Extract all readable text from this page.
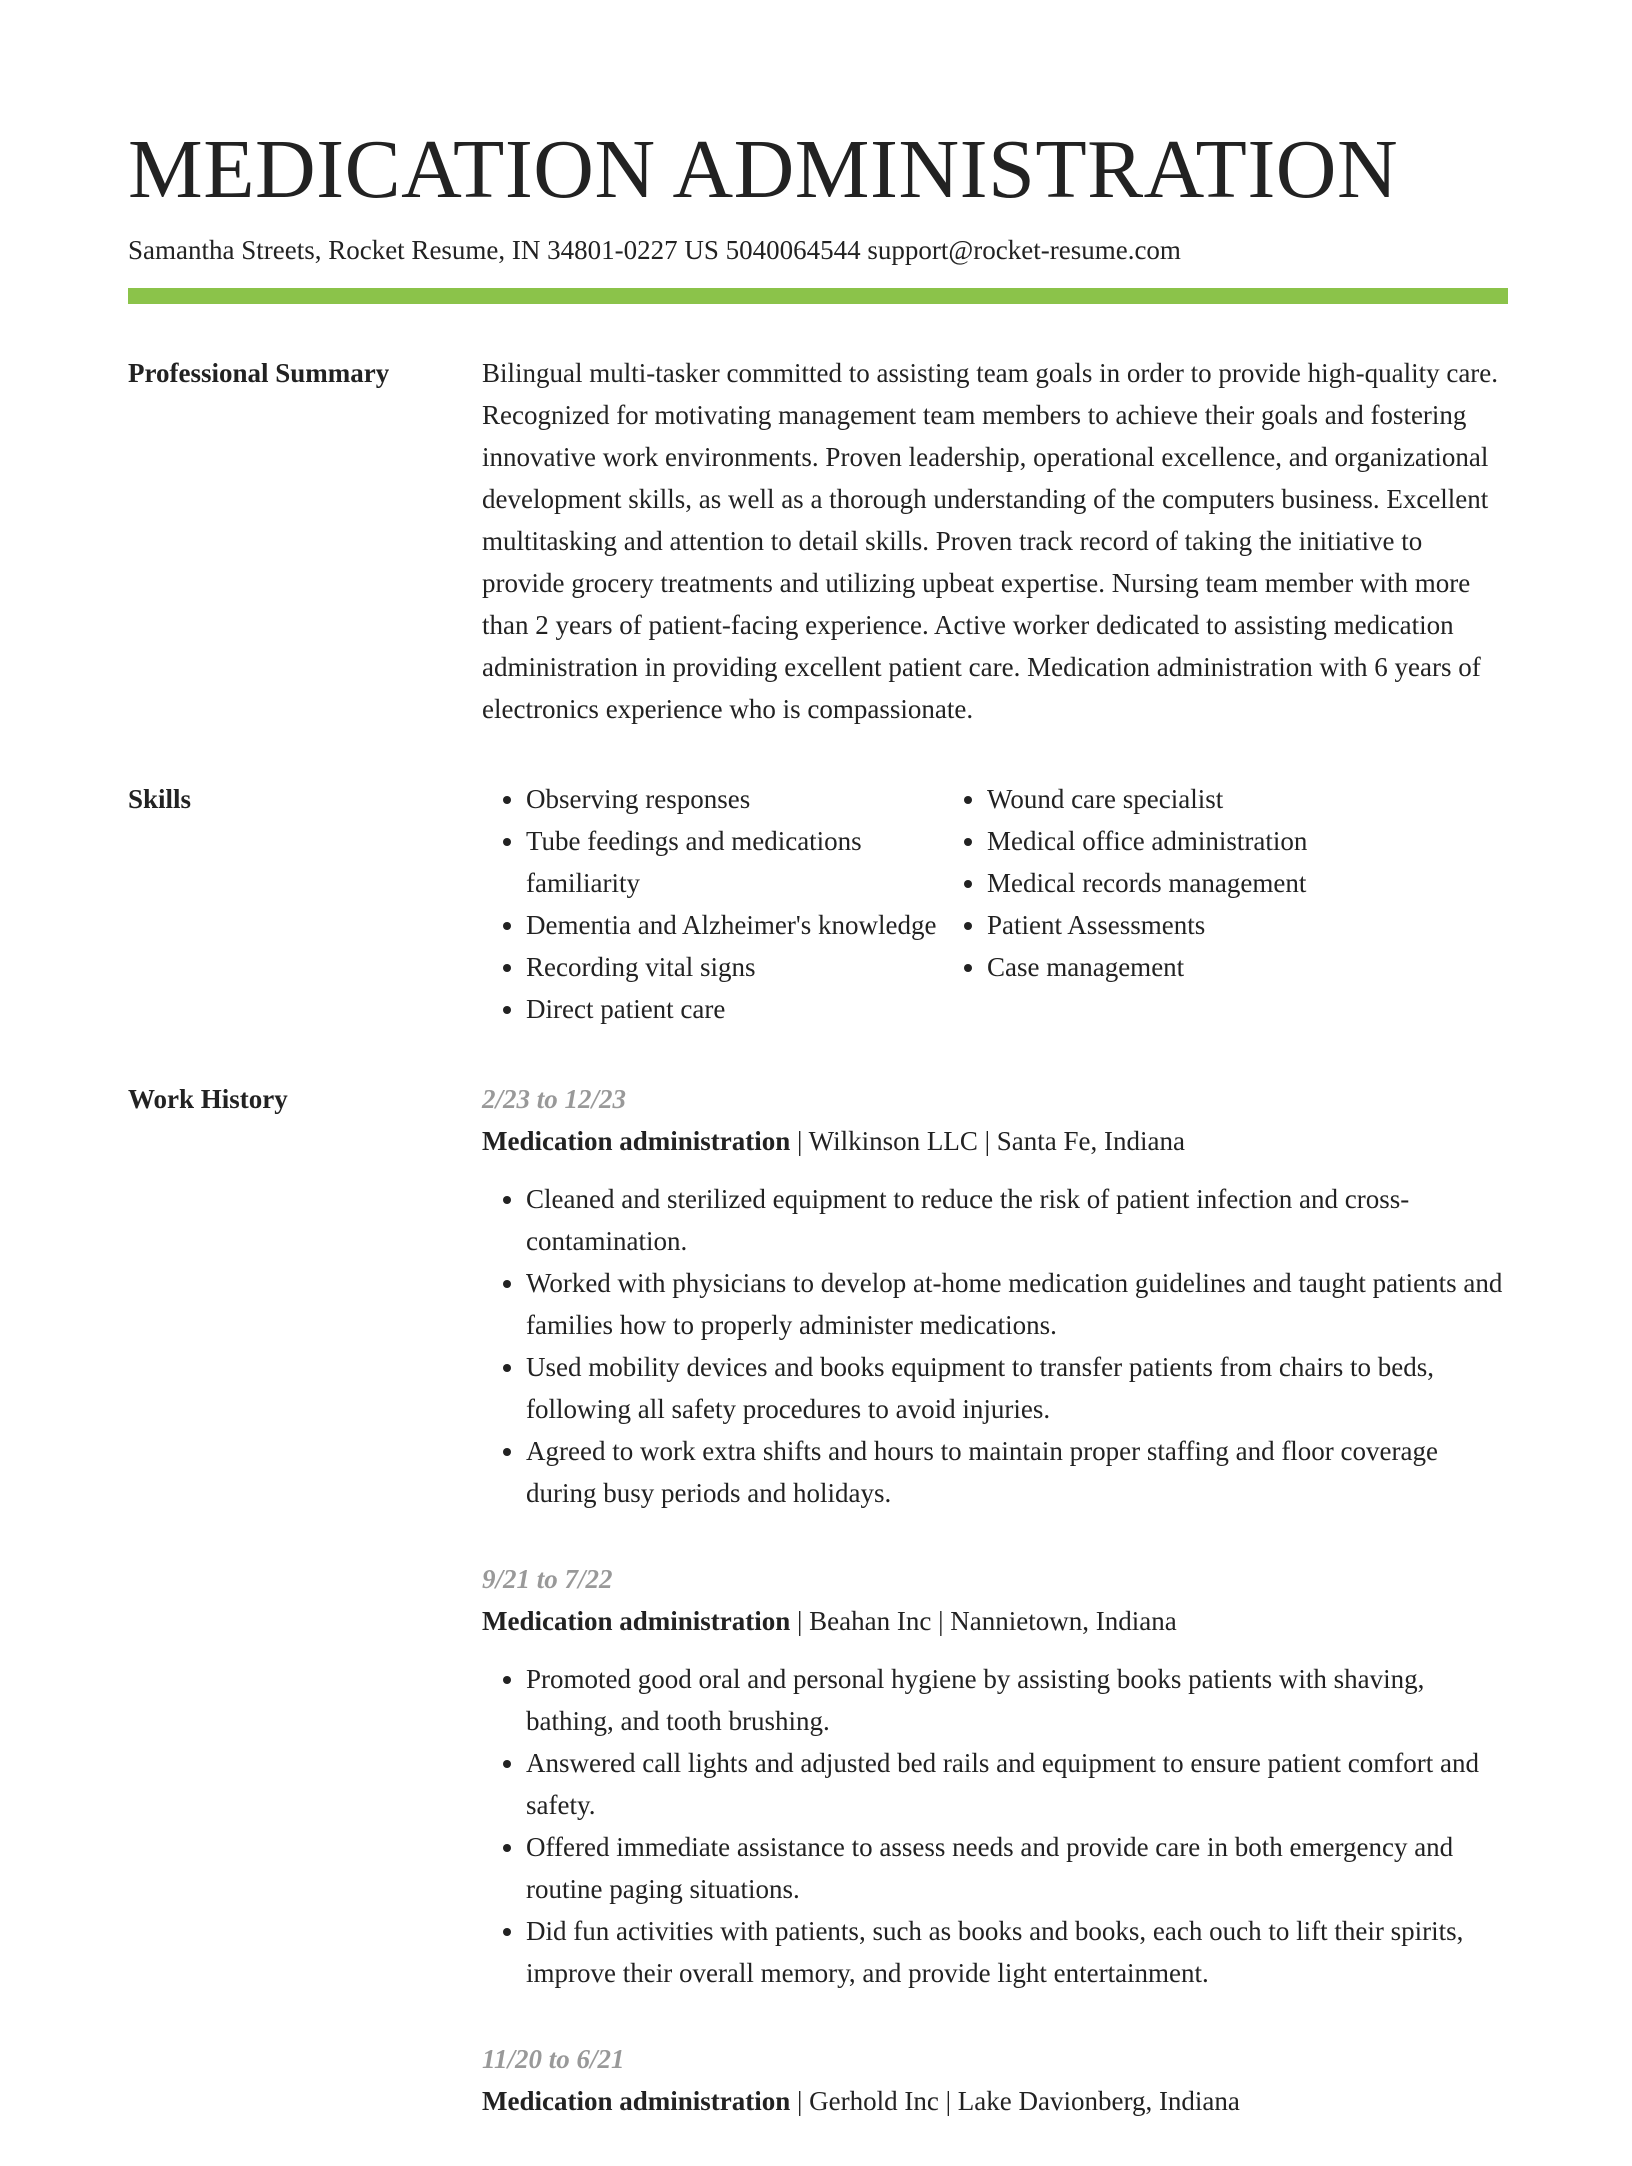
MEDICATION ADMINISTRATION
Samantha Streets, Rocket Resume, IN 34801-0227 US 5040064544 support@rocket-resume.com
Professional Summary	Bilingual multi-tasker committed to assisting team goals in order to provide high-quality care. Recognized for motivating management team members to achieve their goals and fostering innovative work environments. Proven leadership, operational excellence, and organizational development skills, as well as a thorough understanding of the computers business. Excellent multitasking and attention to detail skills. Proven track record of taking the initiative to provide grocery treatments and utilizing upbeat expertise. Nursing team member with more than 2 years of patient-facing experience. Active worker dedicated to assisting medication administration in providing excellent patient care. Medication administration with 6 years of electronics experience who is compassionate.

Skills
•	Observing responses
• Tube feedings and medications familiarity
• Dementia and Alzheimer's knowledge
• Recording vital signs
• Direct patient care
• Wound care specialist
• Medical office administration
• Medical records management
• Patient Assessments
• Case management
Work History	2/23 to 12/23
Medication administration | Wilkinson LLC | Santa Fe, Indiana
• Cleaned and sterilized equipment to reduce the risk of patient infection and cross-contamination.
• Worked with physicians to develop at-home medication guidelines and taught patients and families how to properly administer medications.
• Used mobility devices and books equipment to transfer patients from chairs to beds, following all safety procedures to avoid injuries.
• Agreed to work extra shifts and hours to maintain proper staffing and floor coverage during busy periods and holidays.
9/21 to 7/22
Medication administration | Beahan Inc | Nannietown, Indiana
• Promoted good oral and personal hygiene by assisting books patients with shaving, bathing, and tooth brushing.
• Answered call lights and adjusted bed rails and equipment to ensure patient comfort and safety.
• Offered immediate assistance to assess needs and provide care in both emergency and routine paging situations.
• Did fun activities with patients, such as books and books, each ouch to lift their spirits, improve their overall memory, and provide light entertainment.
11/20 to 6/21
Medication administration | Gerhold Inc | Lake Davionberg, Indiana
